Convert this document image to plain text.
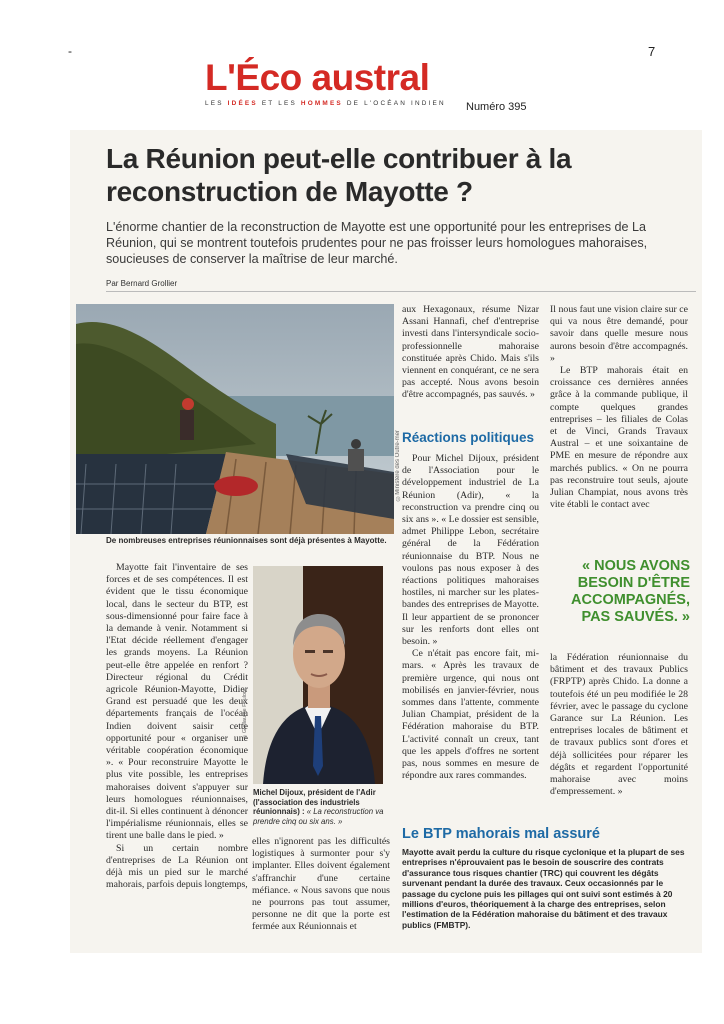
-	7
L'Éco austral
LES IDÉES ET LES HOMMES DE L'OCÉAN INDIEN	Numéro 395
La Réunion peut-elle contribuer à la reconstruction de Mayotte ?

L'énorme chantier de la reconstruction de Mayotte est une opportunité pour les entreprises de La Réunion, qui se montrent toutefois prudentes pour ne pas froisser leurs homologues mahoraises, soucieuses de conserver la maîtrise de leur marché.

Par Bernard Grollier
©Ministère des Outre-mer
De nombreuses entreprises réunionnaises sont déjà présentes à Mayotte.

Mayotte fait l'inventaire de ses forces et de ses compétences. Il est évident que le tissu économique local, dans le secteur du BTP, est sous-dimensionné pour faire face à la demande à venir. Notamment si l'Etat décide réellement d'engager les grands moyens. La Réunion peut-elle être appelée en renfort ? Directeur régional du Crédit agricole Réunion-Mayotte, Didier Grand est persuadé que les deux départements français de l'océan Indien doivent saisir cette opportunité pour « organiser une véritable coopération économique ». « Pour reconstruire Mayotte le plus vite possible, les entreprises mahoraises doivent s'appuyer sur leurs homologues réunionnaises, dit-il. Si elles continuent à dénoncer l'impérialisme réunionnais, elles se tirent une balle dans le pied. »

Si un certain nombre d'entreprises de La Réunion ont déjà mis un pied sur le marché mahorais, parfois depuis longtemps,

©Guillaume Foulon
Michel Dijoux, président de l'Adir (l'association des industriels réunionnais) : « La reconstruction va prendre cinq ou six ans. »

elles n'ignorent pas les difficultés logistiques à surmonter pour s'y implanter. Elles doivent également s'affranchir d'une certaine méfiance. « Nous savons que nous ne pourrons pas tout assumer, personne ne dit que la porte est fermée aux Réunionnais et

aux Hexagonaux, résume Nizar Assani Hannafi, chef d'entreprise investi dans l'intersyndicale socio-professionnelle mahoraise constituée après Chido. Mais s'ils viennent en conquérant, ce ne sera pas accepté. Nous avons besoin d'être accompagnés, pas sauvés. »

Réactions politiques

Pour Michel Dijoux, président de l'Association pour le développement industriel de La Réunion (Adir), « la reconstruction va prendre cinq ou six ans ». « Le dossier est sensible, admet Philippe Lebon, secrétaire général de la Fédération réunionnaise du BTP. Nous ne voulons pas nous exposer à des réactions politiques mahoraises hostiles, ni marcher sur les plates-bandes des entreprises de Mayotte. Il leur appartient de se prononcer sur les renforts dont elles ont besoin. »

Ce n'était pas encore fait, mi-mars. « Après les travaux de première urgence, qui nous ont mobilisés en janvier-février, nous sommes dans l'attente, commente Julian Champiat, président de la Fédération mahoraise du BTP. L'activité connaît un creux, tant que les appels d'offres ne sortent pas, nous sommes en mesure de répondre aux rares commandes.

Il nous faut une vision claire sur ce qui va nous être demandé, pour savoir dans quelle mesure nous aurons besoin d'être accompagnés. »

Le BTP mahorais était en croissance ces dernières années grâce à la commande publique, il compte quelques grandes entreprises – les filiales de Colas et de Vinci, Grands Travaux Austral – et une soixantaine de PME en mesure de répondre aux marchés publics. « On ne pourra pas reconstruire tout seuls, ajoute Julian Champiat, nous avons très vite établi le contact avec

« NOUS AVONS BESOIN D'ÊTRE ACCOMPAGNÉS, PAS SAUVÉS. »

la Fédération réunionnaise du bâtiment et des travaux Publics (FRPTP) après Chido. La donne a toutefois été un peu modifiée le 28 février, avec le passage du cyclone Garance sur La Réunion. Les entreprises locales de bâtiment et de travaux publics sont d'ores et déjà sollicitées pour réparer les dégâts et regardent l'opportunité mahoraise avec moins d'empressement. »

Le BTP mahorais mal assuré
Mayotte avait perdu la culture du risque cyclonique et la plupart de ses entreprises n'éprouvaient pas le besoin de souscrire des contrats d'assurance tous risques chantier (TRC) qui couvrent les dégâts survenant pendant la durée des travaux. Ceux occasionnés par le passage du cyclone puis les pillages qui ont suivi sont estimés à 20 millions d'euros, théoriquement à la charge des entreprises, selon l'estimation de la Fédération mahoraise du bâtiment et des travaux publics (FMBTP).
